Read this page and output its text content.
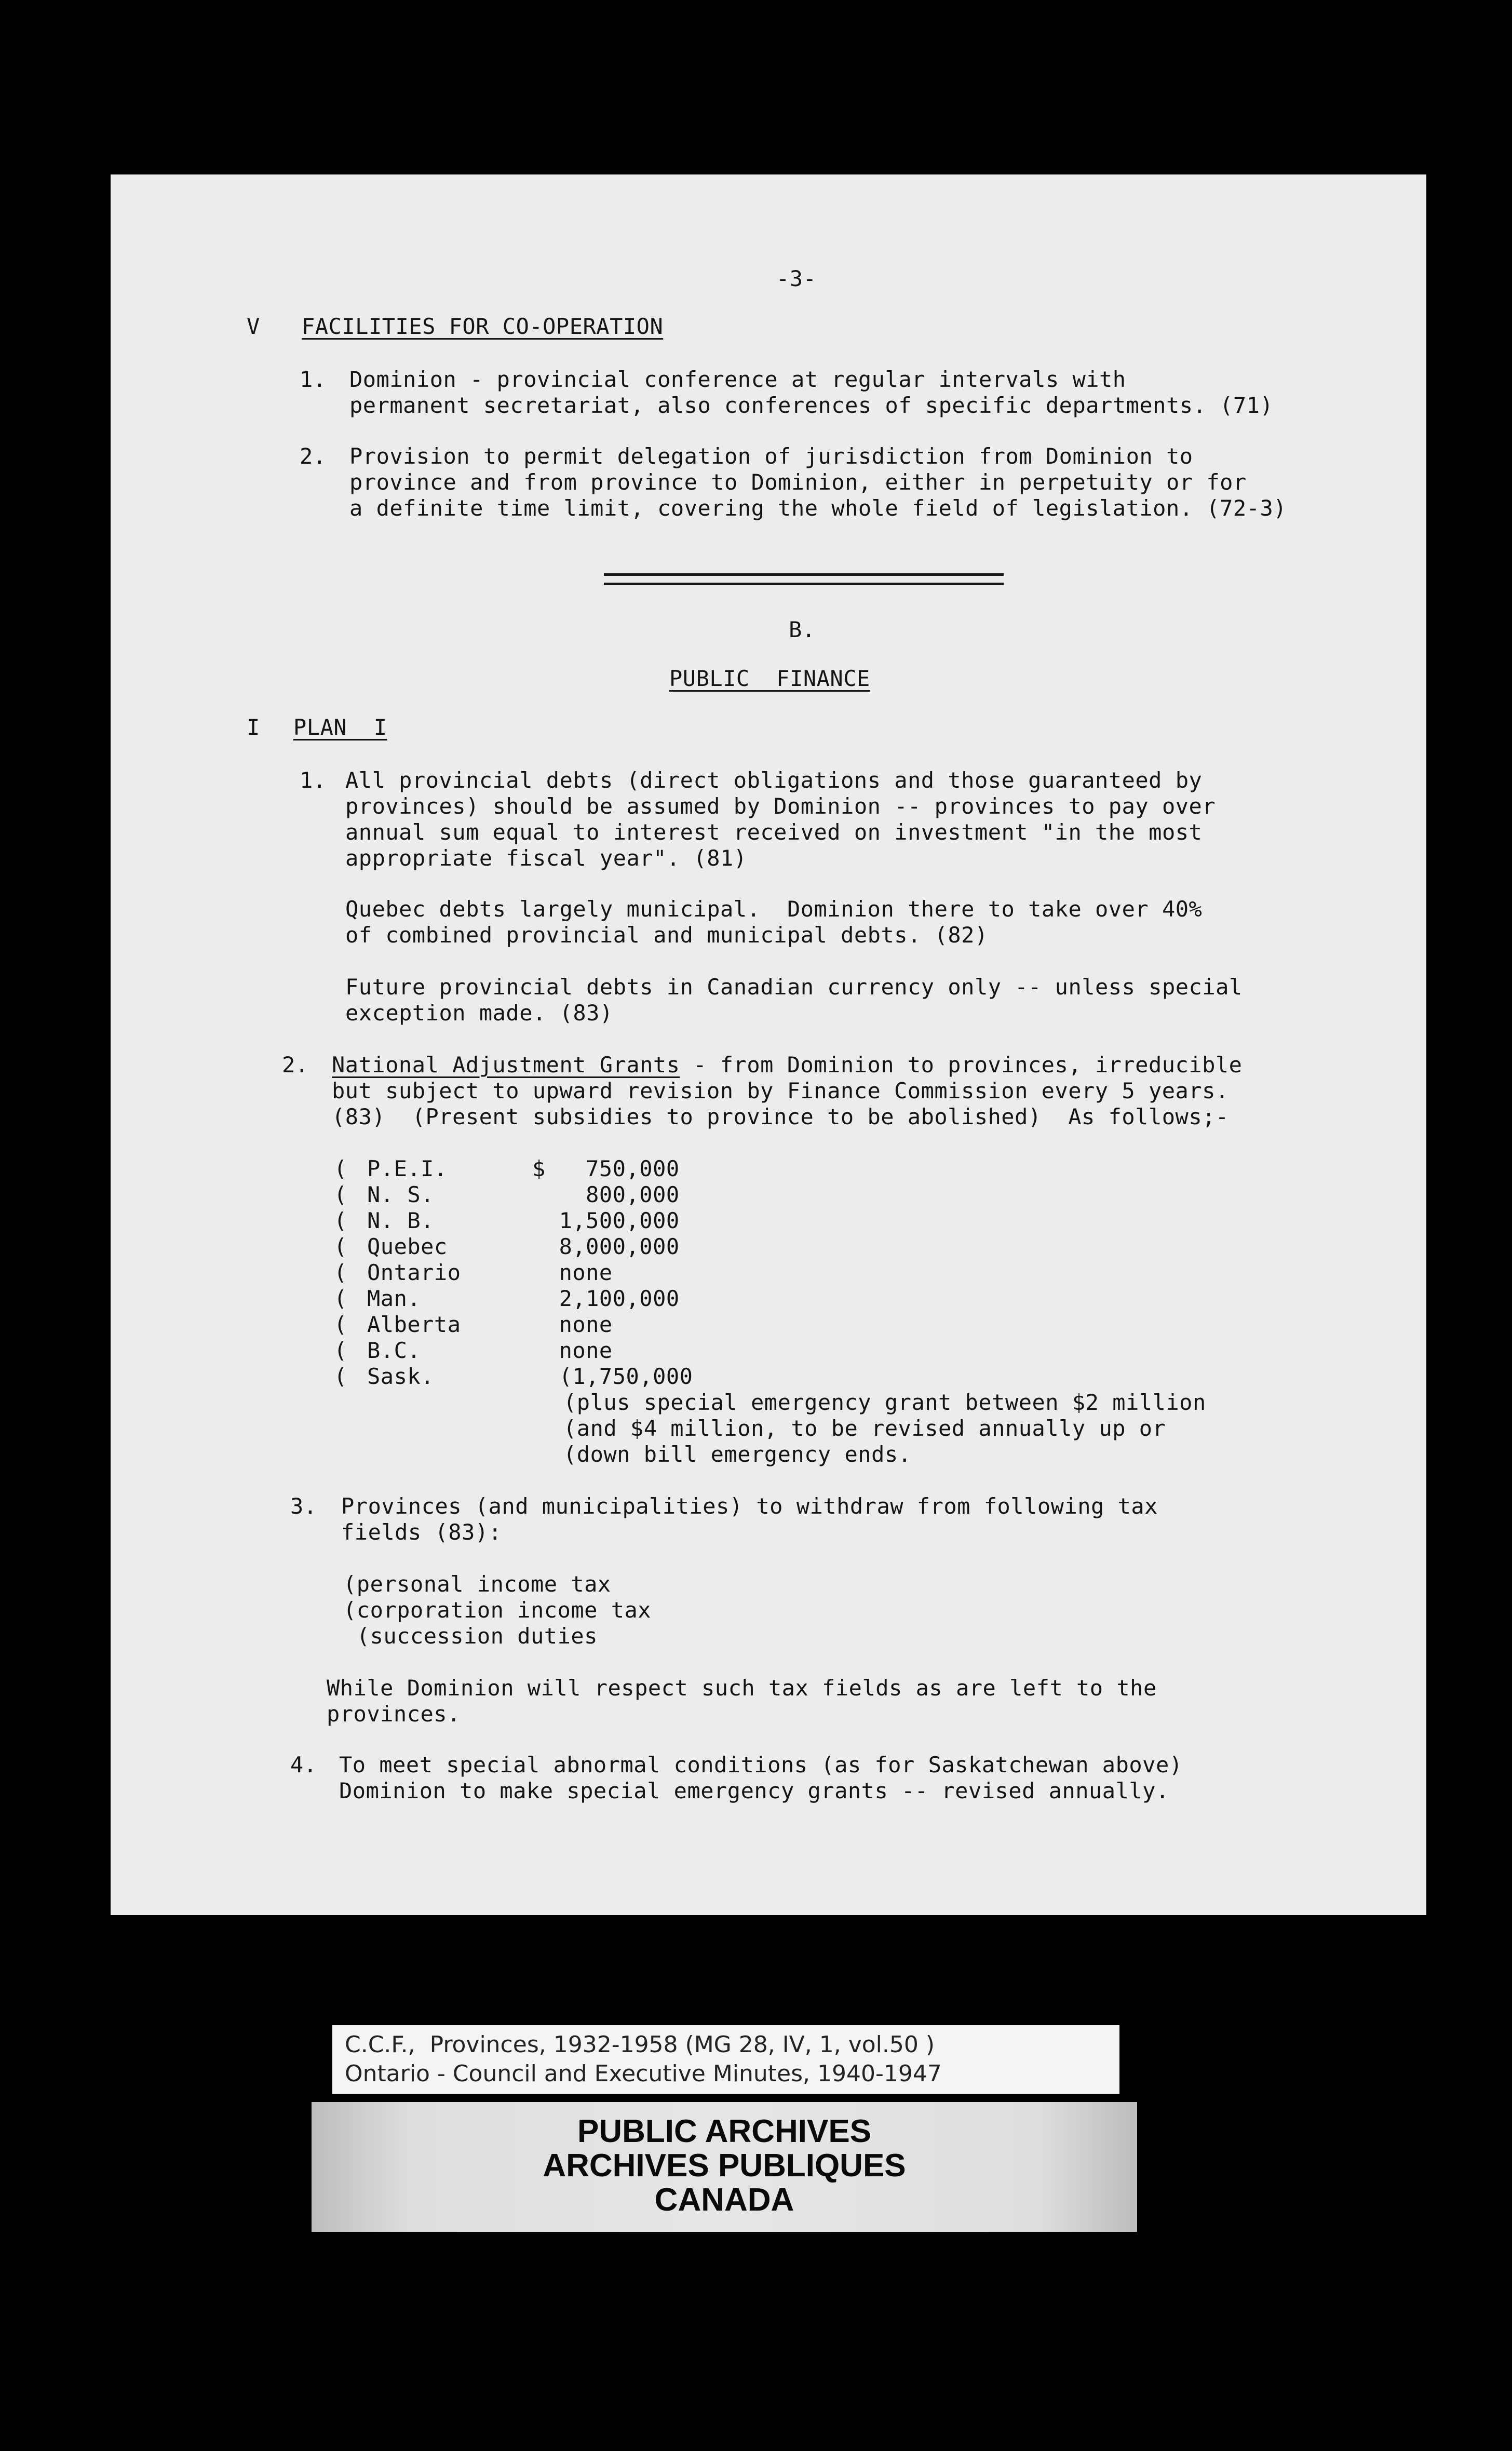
-3-
V FACILITIES FOR CO-OPERATION
1. Dominion - provincial conference at regular intervals with
permanent secretariat, also conferences of specific departments. (71)
2. Provision to permit delegation of jurisdiction from Dominion to
province and from province to Dominion, either in perpetuity or for
a definite time limit, covering the whole field of legislation. (72-3)
B.
PUBLIC  FINANCE
I PLAN  I
1. All provincial debts (direct obligations and those guaranteed by
provinces) should be assumed by Dominion -- provinces to pay over
annual sum equal to interest received on investment "in the most
appropriate fiscal year". (81)
Quebec debts largely municipal.  Dominion there to take over 40%
of combined provincial and municipal debts. (82)
Future provincial debts in Canadian currency only -- unless special
exception made. (83)
2. National Adjustment Grants - from Dominion to provinces, irreducible
but subject to upward revision by Finance Commission every 5 years.
(83)  (Present subsidies to province to be abolished)  As follows;-
( P.E.I.	$   750,000
( N. S.	800,000
( N. B.	1,500,000
( Quebec	8,000,000
( Ontario	none
( Man.	2,100,000
( Alberta	none
( B.C.	none
( Sask.	(1,750,000
(plus special emergency grant between $2 million
(and $4 million, to be revised annually up or
(down bill emergency ends.
3. Provinces (and municipalities) to withdraw from following tax
fields (83):
(personal income tax
(corporation income tax
(succession duties
While Dominion will respect such tax fields as are left to the
provinces.
4. To meet special abnormal conditions (as for Saskatchewan above)
Dominion to make special emergency grants -- revised annually.
C.C.F.,  Provinces, 1932-1958 (MG 28, IV, 1, vol.50 )
Ontario - Council and Executive Minutes, 1940-1947
PUBLIC ARCHIVES
ARCHIVES PUBLIQUES
CANADA
